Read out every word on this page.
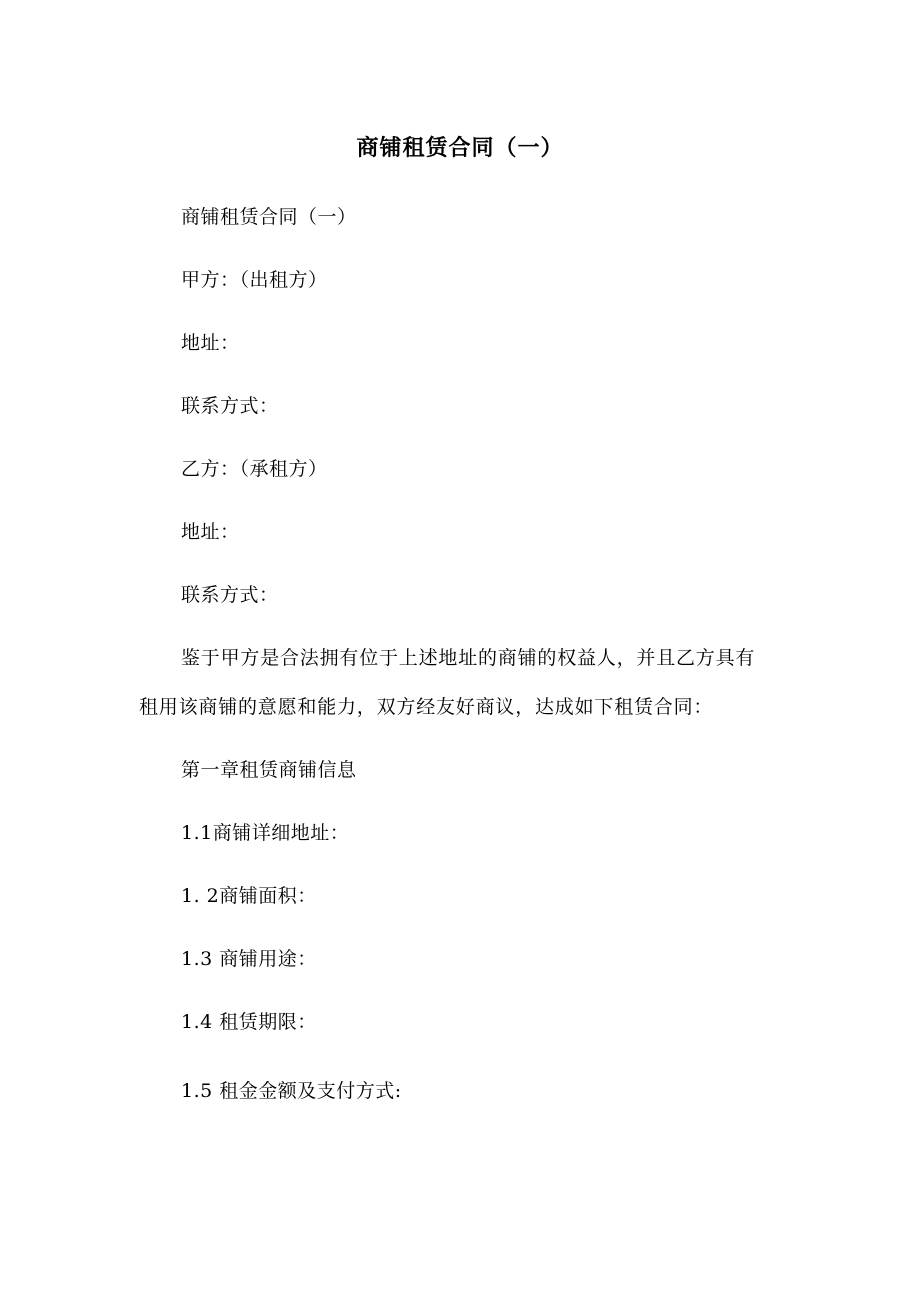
商铺租赁合同（一）
商铺租赁合同（一）
甲方：（出租方）
地址：
联系方式：
乙方：（承租方）
地址：
联系方式：
鉴于甲方是合法拥有位于上述地址的商铺的权益人，并且乙方具有
租用该商铺的意愿和能力，双方经友好商议，达成如下租赁合同：
第一章租赁商铺信息
1.1商铺详细地址：
1. 2商铺面积：
1.3 商铺用途：
1.4 租赁期限：
1.5 租金金额及支付方式:
